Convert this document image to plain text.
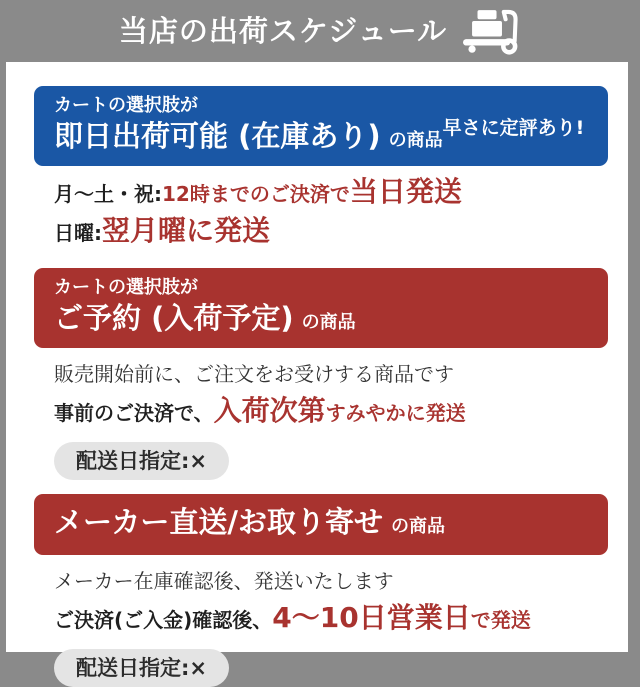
当店の出荷スケジュール
カートの選択肢が
即日出荷可能 (在庫あり) の商品
早さに定評あり!

月〜土・祝:12時までのご決済で当日発送

日曜:翌月曜に発送

カートの選択肢が
ご予約 (入荷予定) の商品

販売開始前に、ご注文をお受けする商品です

事前のご決済で、入荷次第すみやかに発送

配送日指定:×
メーカー直送/お取り寄せ の商品

メーカー在庫確認後、発送いたします

ご決済(ご入金)確認後、4〜10日営業日で発送

配送日指定:×
